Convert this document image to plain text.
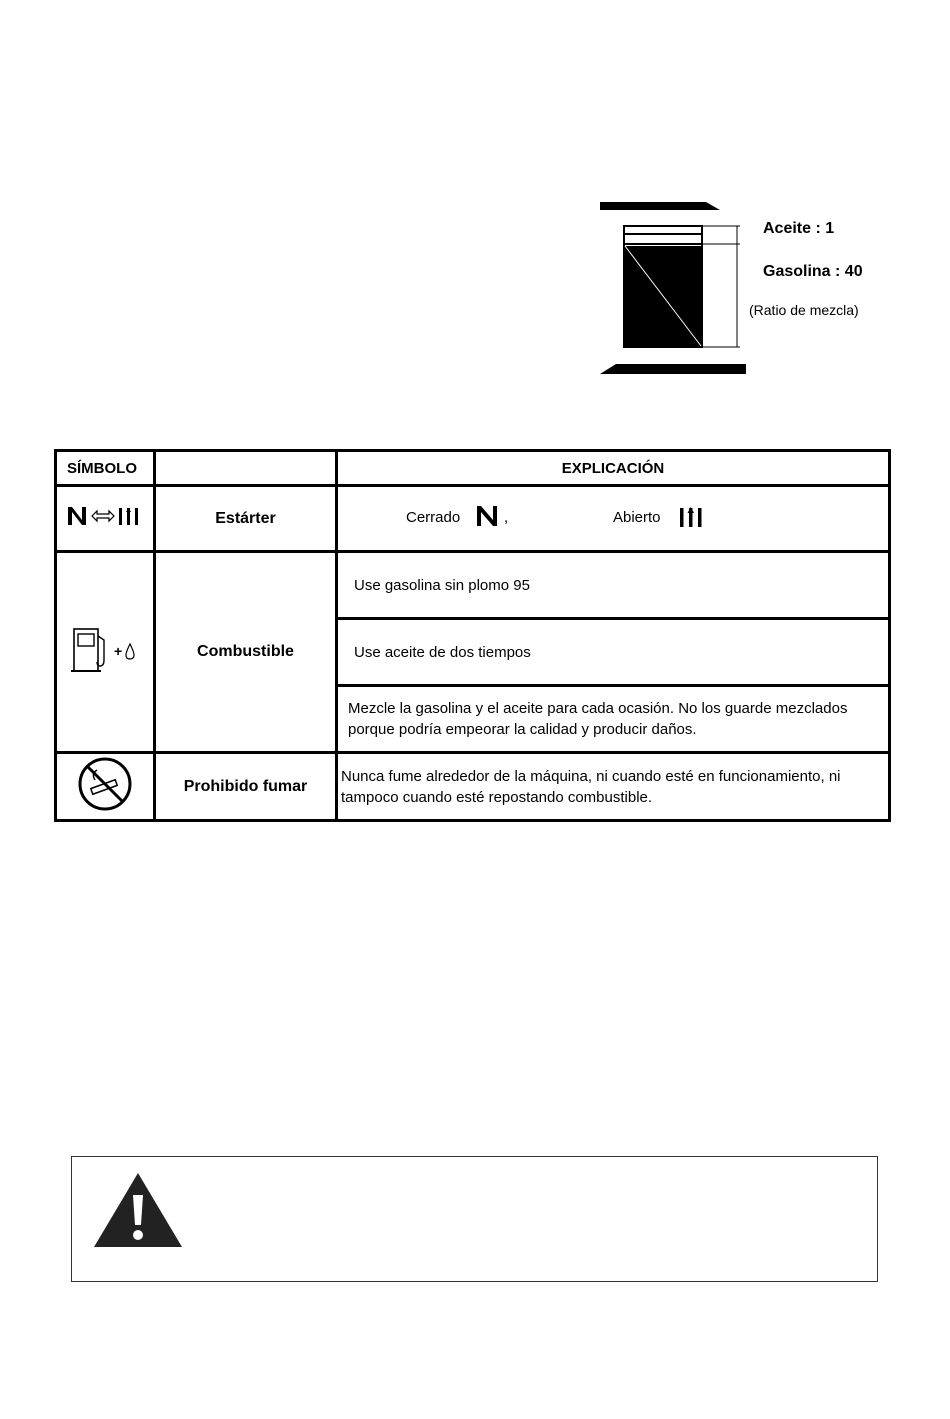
Aceite : 1
Gasolina : 40
(Ratio de mezcla)
SÍMBOLO		EXPLICACIÓN
	Estárter	Cerrado , Abierto

+	Combustible	Use gasolina sin plomo 95
		Use aceite de dos tiempos
		Mezcle la gasolina y el aceite para cada ocasión. No los guarde mezclados porque podría empeorar la calidad y producir daños.
	Prohibido fumar	Nunca fume alrededor de la máquina, ni cuando esté en funcionamiento, ni tampoco cuando esté repostando combustible.
